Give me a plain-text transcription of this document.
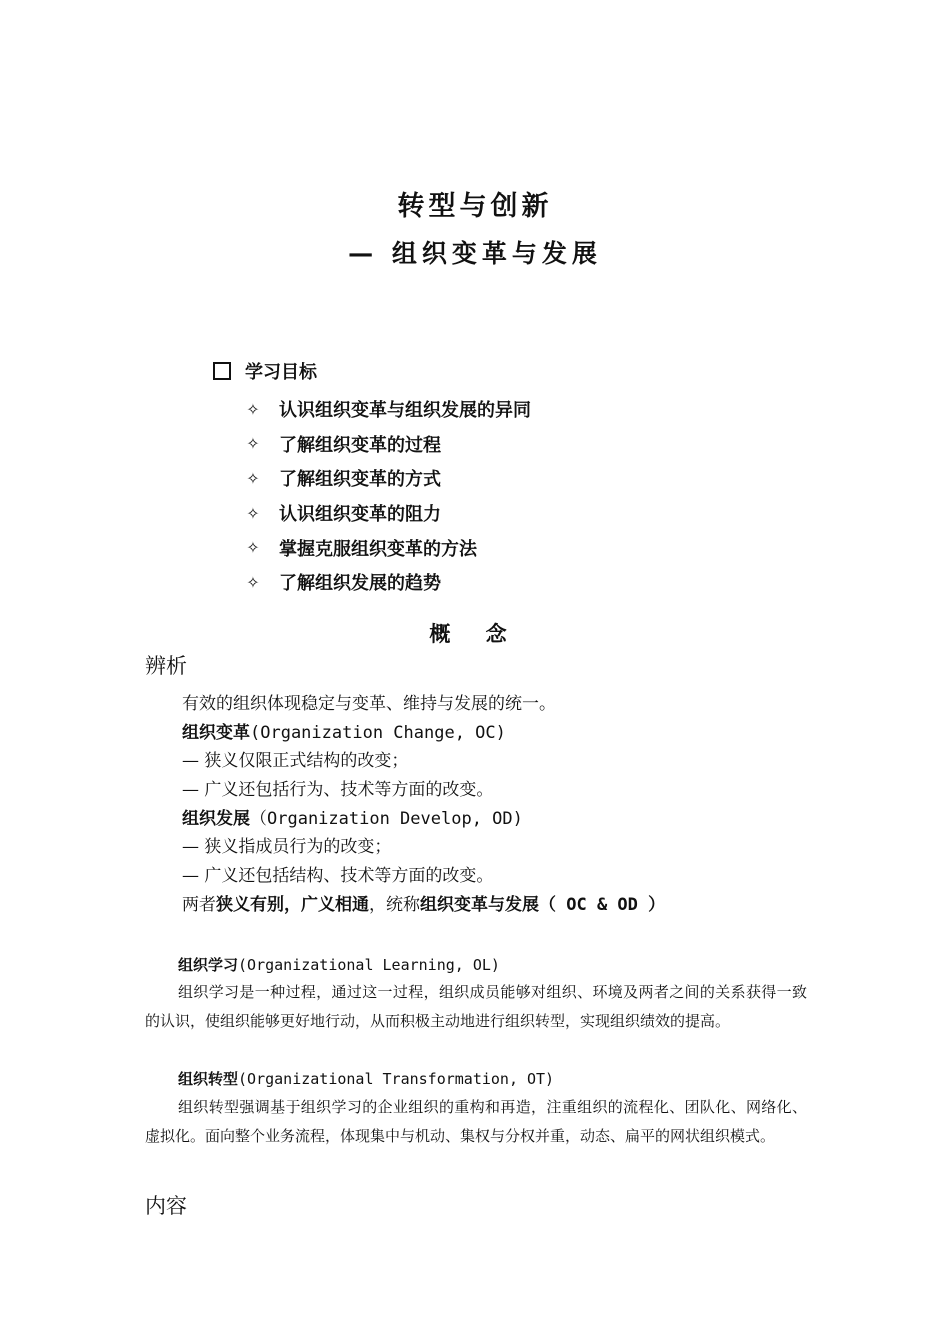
转型与创新
— 组织变革与发展
学习目标
✧ 认识组织变革与组织发展的异同
✧ 了解组织变革的过程
✧ 了解组织变革的方式
✧ 认识组织变革的阻力
✧ 掌握克服组织变革的方法
✧ 了解组织发展的趋势
概 念
辨析
有效的组织体现稳定与变革、维持与发展的统一。
组织变革(Organization Change, OC)
— 狭义仅限正式结构的改变；
— 广义还包括行为、技术等方面的改变。
组织发展（Organization Develop, OD)
— 狭义指成员行为的改变；
— 广义还包括结构、技术等方面的改变。
两者狭义有别，广义相通，统称组织变革与发展（ OC & OD ）
组织学习(Organizational Learning, OL)

组织学习是一种过程，通过这一过程，组织成员能够对组织、环境及两者之间的关系获得一致的认识，使组织能够更好地行动，从而积极主动地进行组织转型，实现组织绩效的提高。

组织转型(Organizational Transformation, OT)

组织转型强调基于组织学习的企业组织的重构和再造，注重组织的流程化、团队化、网络化、虚拟化。面向整个业务流程，体现集中与机动、集权与分权并重，动态、扁平的网状组织模式。

内容
